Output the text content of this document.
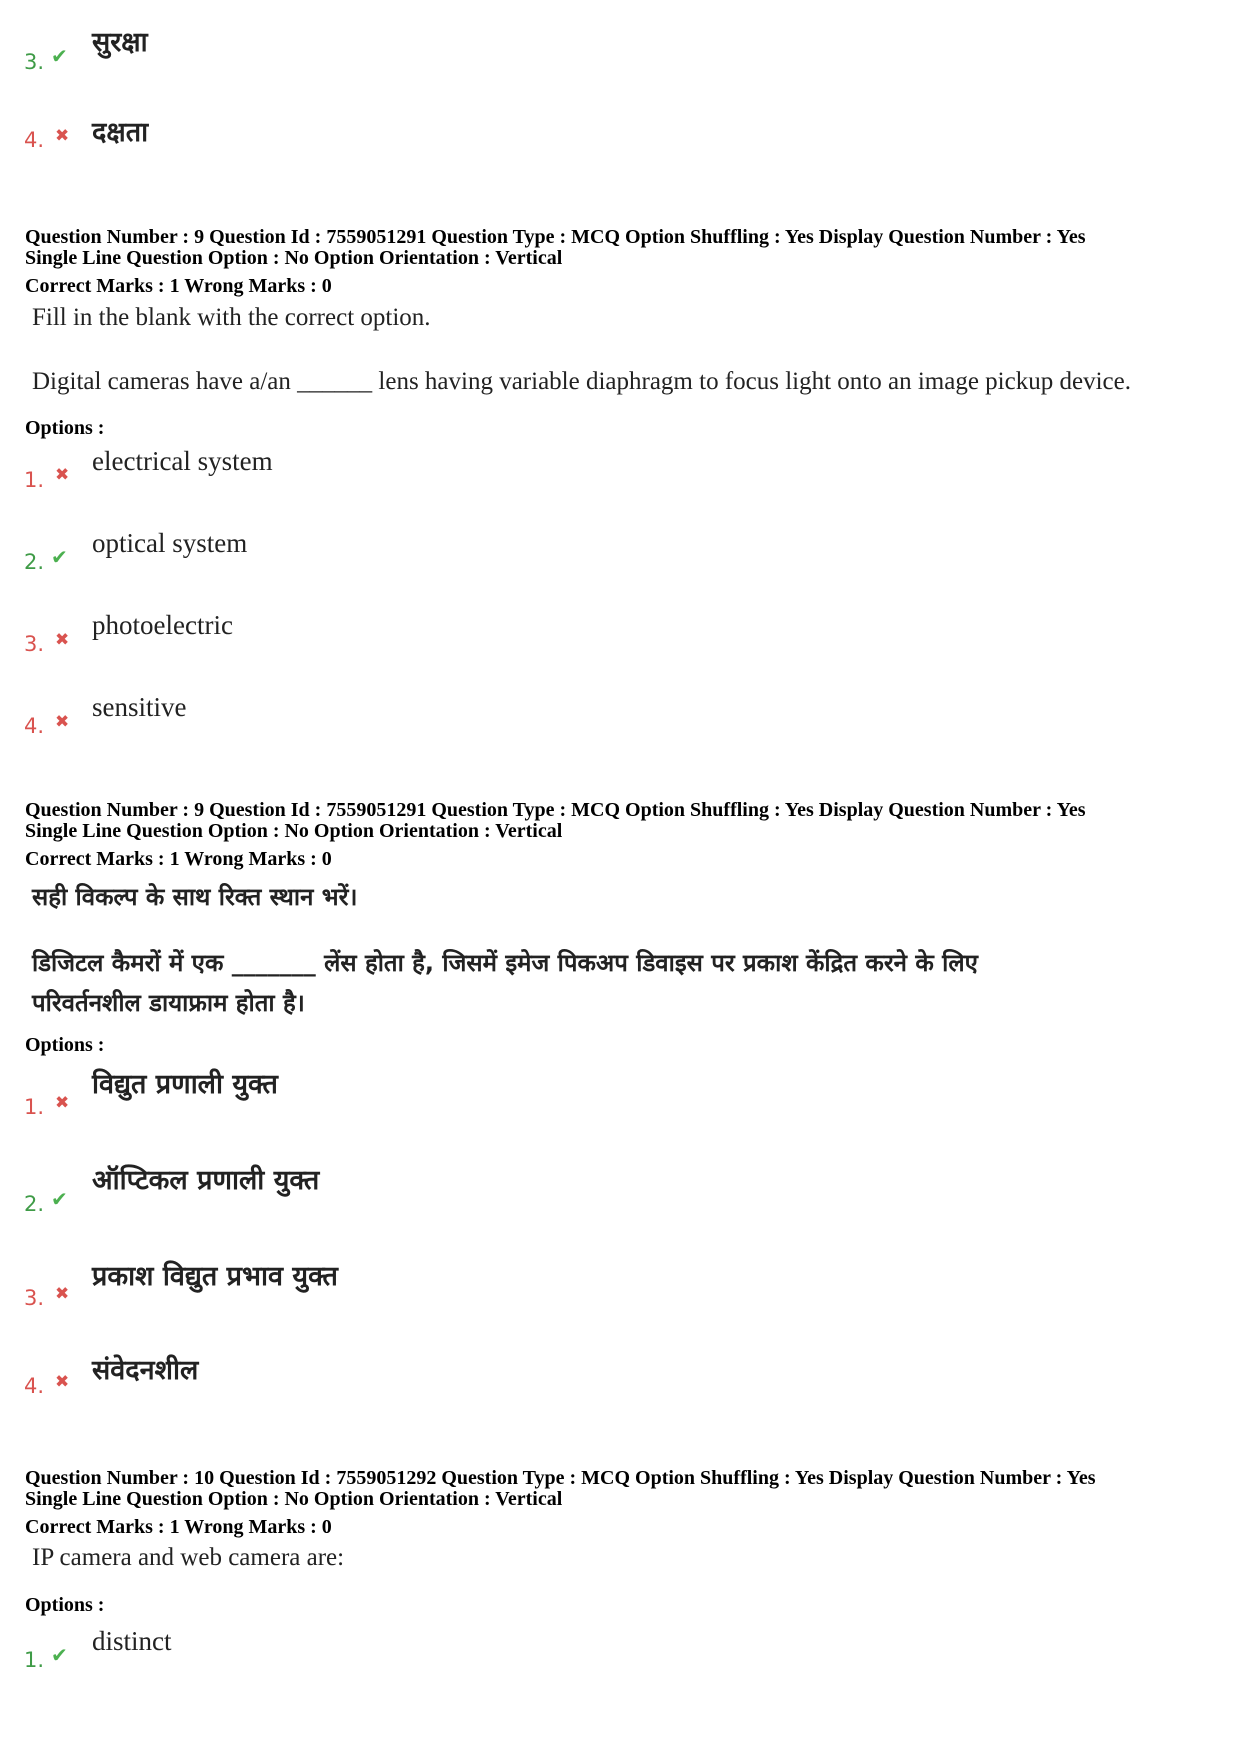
3. ✔ सुरक्षा
4. ✖ दक्षता
Question Number : 9 Question Id : 7559051291 Question Type : MCQ Option Shuffling : Yes Display Question Number : Yes
Single Line Question Option : No Option Orientation : Vertical
Correct Marks : 1 Wrong Marks : 0
Fill in the blank with the correct option.
Digital cameras have a/an ______ lens having variable diaphragm to focus light onto an image pickup device.
Options :
1. ✖ electrical system
2. ✔ optical system
3. ✖ photoelectric
4. ✖ sensitive
Question Number : 9 Question Id : 7559051291 Question Type : MCQ Option Shuffling : Yes Display Question Number : Yes
Single Line Question Option : No Option Orientation : Vertical
Correct Marks : 1 Wrong Marks : 0
सही विकल्प के साथ रिक्त स्थान भरें।
डिजिटल कैमरों में एक _______ लेंस होता है, जिसमें इमेज पिकअप डिवाइस पर प्रकाश केंद्रित करने के लिए
परिवर्तनशील डायाफ्राम होता है।
Options :
1. ✖
विद्युत प्रणाली युक्त
2. ✔
ऑप्टिकल प्रणाली युक्त
3. ✖
प्रकाश विद्युत प्रभाव युक्त
4. ✖ संवेदनशील
Question Number : 10 Question Id : 7559051292 Question Type : MCQ Option Shuffling : Yes Display Question Number : Yes
Single Line Question Option : No Option Orientation : Vertical
Correct Marks : 1 Wrong Marks : 0
IP camera and web camera are:
Options :
1. ✔ distinct
